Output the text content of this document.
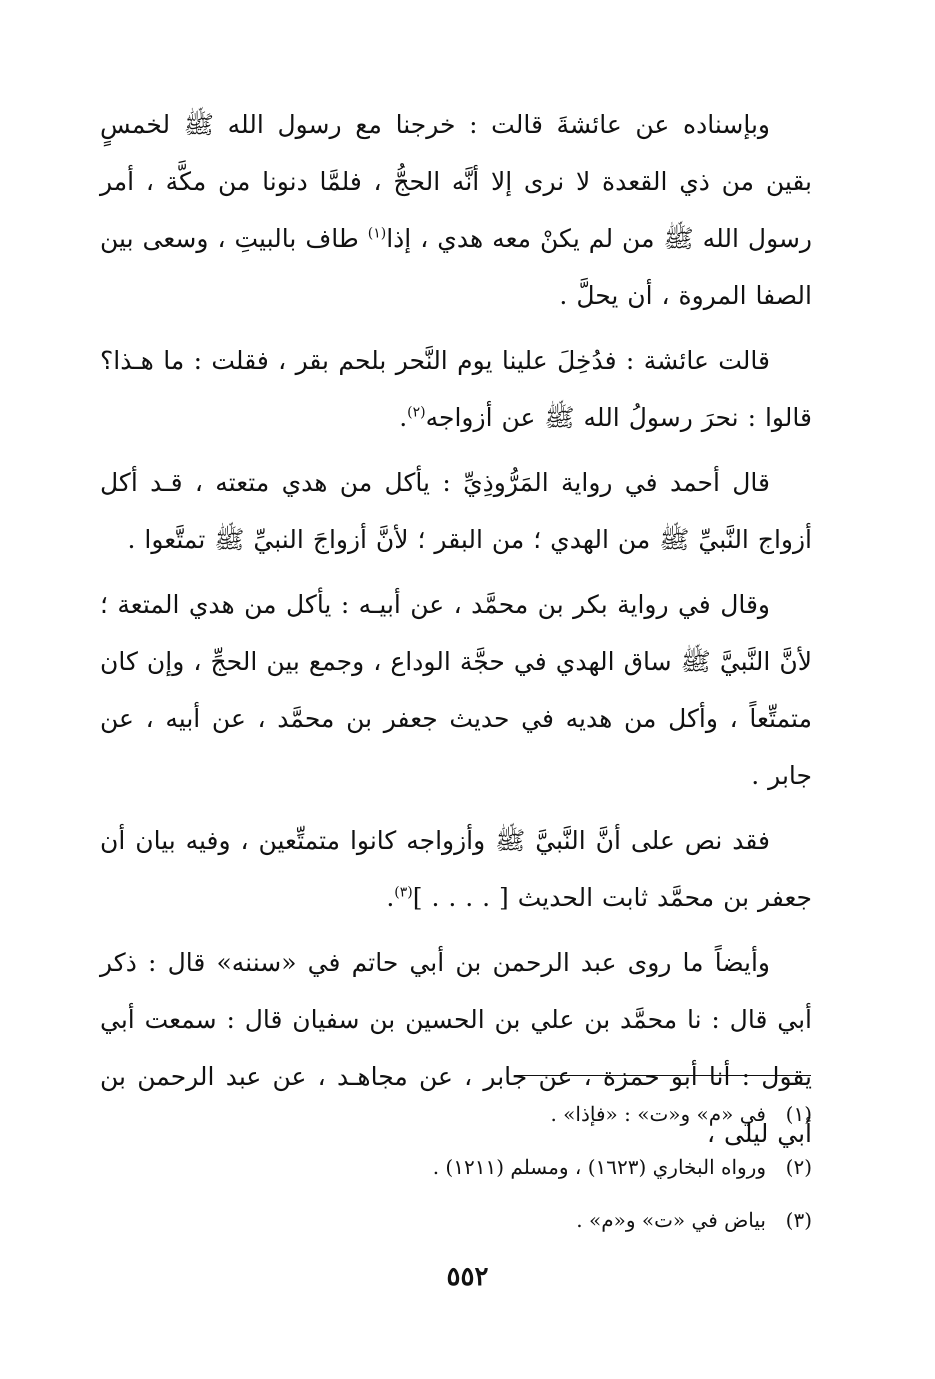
وبإسناده عن عائشةَ قالت : خرجنا مع رسول الله ﷺ لخمسٍ بقين من ذي القعدة لا نرى إلا أنَّه الحجُّ ، فلمَّا دنونا من مكَّة ، أمر رسول الله ﷺ من لم يكنْ معه هدي ، إذا$^{(١)}$ طاف بالبيتِ ، وسعى بين الصفا المروة ، أن يحلَّ .

قالت عائشة : فدُخِلَ علينا يوم النَّحر بلحم بقر ، فقلت : ما هـذا؟ قالوا : نحرَ رسولُ الله ﷺ عن أزواجه$^{(٢)}$.

قال أحمد في رواية المَرُّوذِيِّ : يأكل من هدي متعته ، قـد أكل أزواج النَّبيِّ ﷺ من الهدي ؛ من البقر ؛ لأنَّ أزواجَ النبيِّ ﷺ تمتَّعوا .

وقال في رواية بكر بن محمَّد ، عن أبيـه : يأكل من هدي المتعة ؛ لأنَّ النَّبيَّ ﷺ ساق الهدي في حجَّة الوداع ، وجمع بين الحجِّ ، وإن كان متمتِّعاً ، وأكل من هديه في حديث جعفر بن محمَّد ، عن أبيه ، عن جابر .

فقد نص على أنَّ النَّبيَّ ﷺ وأزواجه كانوا متمتِّعين ، وفيه بيان أن جعفر بن محمَّد ثابت الحديث [ . . . . ]$^{(٣)}$.

وأيضاً ما روى عبد الرحمن بن أبي حاتم في «سننه» قال : ذكر أبي قال : نا محمَّد بن علي بن الحسين بن سفيان قال : سمعت أبي يقول : أنا أبو حمزة ، عن جابر ، عن مجاهـد ، عن عبد الرحمن بن أبي ليلى ،

(١)
في «م» و«ت» : «فإذا» .
(٢)
ورواه البخاري (١٦٢٣) ، ومسلم (١٢١١) .
(٣)
بياض في «ت» و«م» .
٥٥٢
